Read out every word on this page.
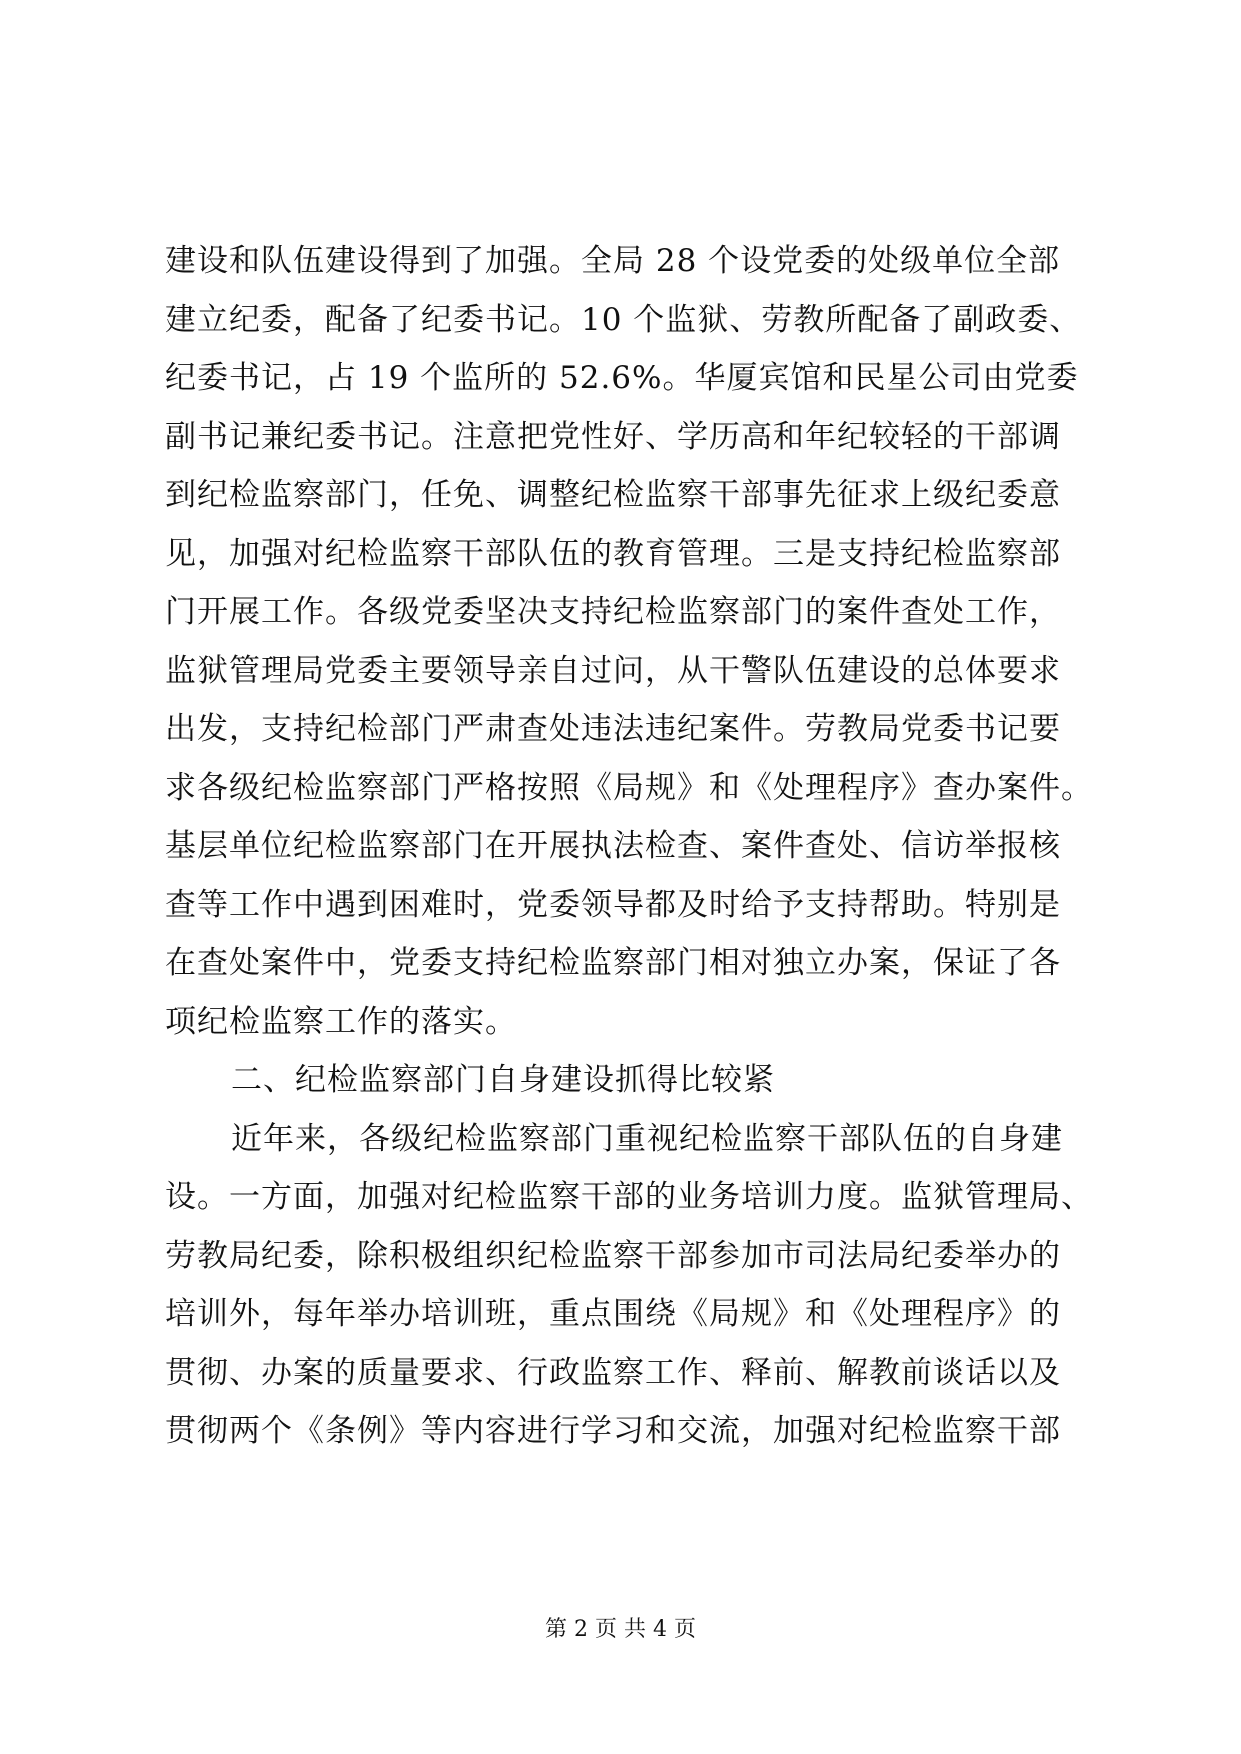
建设和队伍建设得到了加强。全局 28 个设党委的处级单位全部
建立纪委，配备了纪委书记。10 个监狱、劳教所配备了副政委、
纪委书记，占 19 个监所的 52.6%。华厦宾馆和民星公司由党委
副书记兼纪委书记。注意把党性好、学历高和年纪较轻的干部调
到纪检监察部门，任免、调整纪检监察干部事先征求上级纪委意
见，加强对纪检监察干部队伍的教育管理。三是支持纪检监察部
门开展工作。各级党委坚决支持纪检监察部门的案件查处工作，
监狱管理局党委主要领导亲自过问，从干警队伍建设的总体要求
出发，支持纪检部门严肃查处违法违纪案件。劳教局党委书记要
求各级纪检监察部门严格按照《局规》和《处理程序》查办案件。
基层单位纪检监察部门在开展执法检查、案件查处、信访举报核
查等工作中遇到困难时，党委领导都及时给予支持帮助。特别是
在查处案件中，党委支持纪检监察部门相对独立办案，保证了各
项纪检监察工作的落实。
二、纪检监察部门自身建设抓得比较紧
近年来，各级纪检监察部门重视纪检监察干部队伍的自身建
设。一方面，加强对纪检监察干部的业务培训力度。监狱管理局、
劳教局纪委，除积极组织纪检监察干部参加市司法局纪委举办的
培训外，每年举办培训班，重点围绕《局规》和《处理程序》的
贯彻、办案的质量要求、行政监察工作、释前、解教前谈话以及
贯彻两个《条例》等内容进行学习和交流，加强对纪检监察干部
第 2 页 共 4 页
